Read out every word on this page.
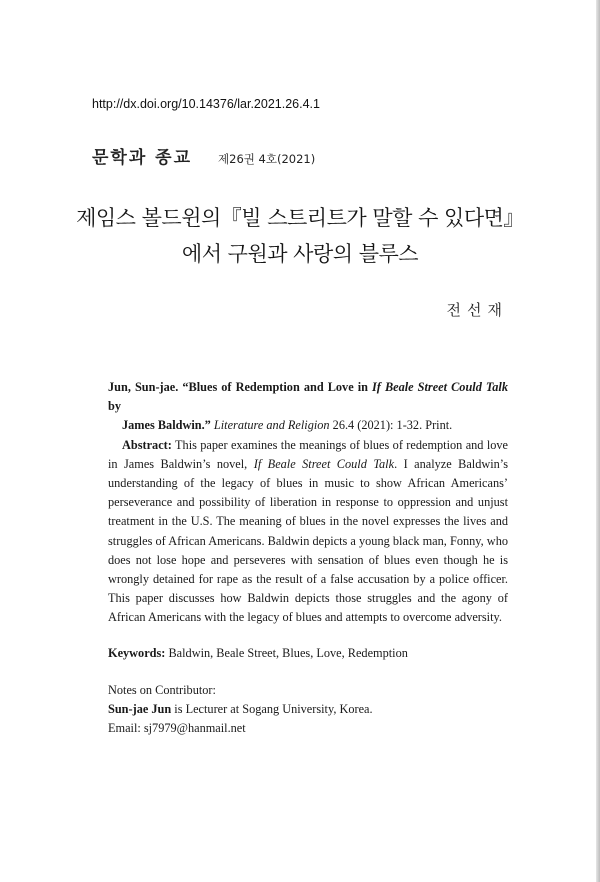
http://dx.doi.org/10.14376/lar.2021.26.4.1
문학과 종교 제26권 4호(2021)
제임스 볼드윈의『빌 스트리트가 말할 수 있다면』
에서 구원과 사랑의 블루스
전선재
Jun, Sun-jae. “Blues of Redemption and Love in If Beale Street Could Talk by
James Baldwin.” Literature and Religion 26.4 (2021): 1-32. Print.
Abstract: This paper examines the meanings of blues of redemption and love in James Baldwin’s novel, If Beale Street Could Talk. I analyze Baldwin’s understanding of the legacy of blues in music to show African Americans’ perseverance and possibility of liberation in response to oppression and unjust treatment in the U.S. The meaning of blues in the novel expresses the lives and struggles of African Americans. Baldwin depicts a young black man, Fonny, who does not lose hope and perseveres with sensation of blues even though he is wrongly detained for rape as the result of a false accusation by a police officer. This paper discusses how Baldwin depicts those struggles and the agony of African Americans with the legacy of blues and attempts to overcome adversity.
Keywords: Baldwin, Beale Street, Blues, Love, Redemption
Notes on Contributor:
Sun-jae Jun is Lecturer at Sogang University, Korea.
Email: sj7979@hanmail.net
